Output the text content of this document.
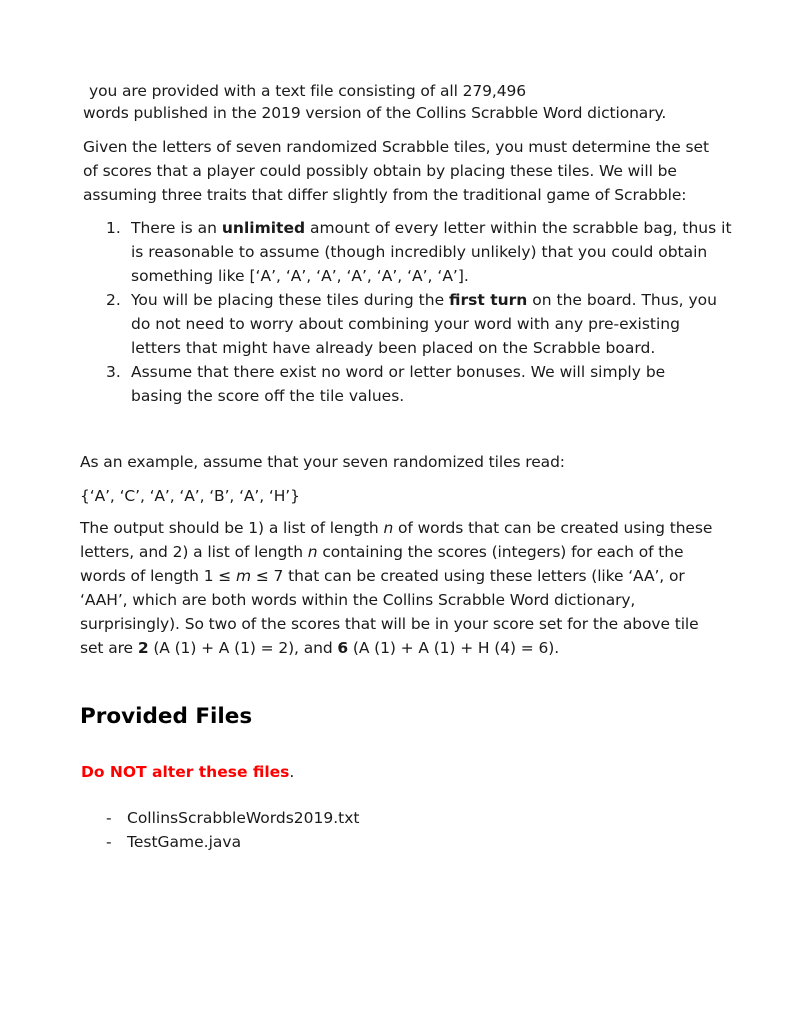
you are provided with a text file consisting of all 279,496
words published in the 2019 version of the Collins Scrabble Word dictionary.
Given the letters of seven randomized Scrabble tiles, you must determine the set
of scores that a player could possibly obtain by placing these tiles. We will be
assuming three traits that differ slightly from the traditional game of Scrabble:
1. There is an unlimited amount of every letter within the scrabble bag, thus it
is reasonable to assume (though incredibly unlikely) that you could obtain
something like [‘A’, ‘A’, ‘A’, ‘A’, ‘A’, ‘A’, ‘A’].
2. You will be placing these tiles during the first turn on the board. Thus, you
do not need to worry about combining your word with any pre-existing
letters that might have already been placed on the Scrabble board.
3. Assume that there exist no word or letter bonuses. We will simply be
basing the score off the tile values.
As an example, assume that your seven randomized tiles read:
{‘A’, ‘C’, ‘A’, ‘A’, ‘B’, ‘A’, ‘H’}
The output should be 1) a list of length n of words that can be created using these
letters, and 2) a list of length n containing the scores (integers) for each of the
words of length 1 ≤ m ≤ 7 that can be created using these letters (like ‘AA’, or
‘AAH’, which are both words within the Collins Scrabble Word dictionary,
surprisingly). So two of the scores that will be in your score set for the above tile
set are 2 (A (1) + A (1) = 2), and 6 (A (1) + A (1) + H (4) = 6).
Provided Files
Do NOT alter these files.
- CollinsScrabbleWords2019.txt
- TestGame.java
